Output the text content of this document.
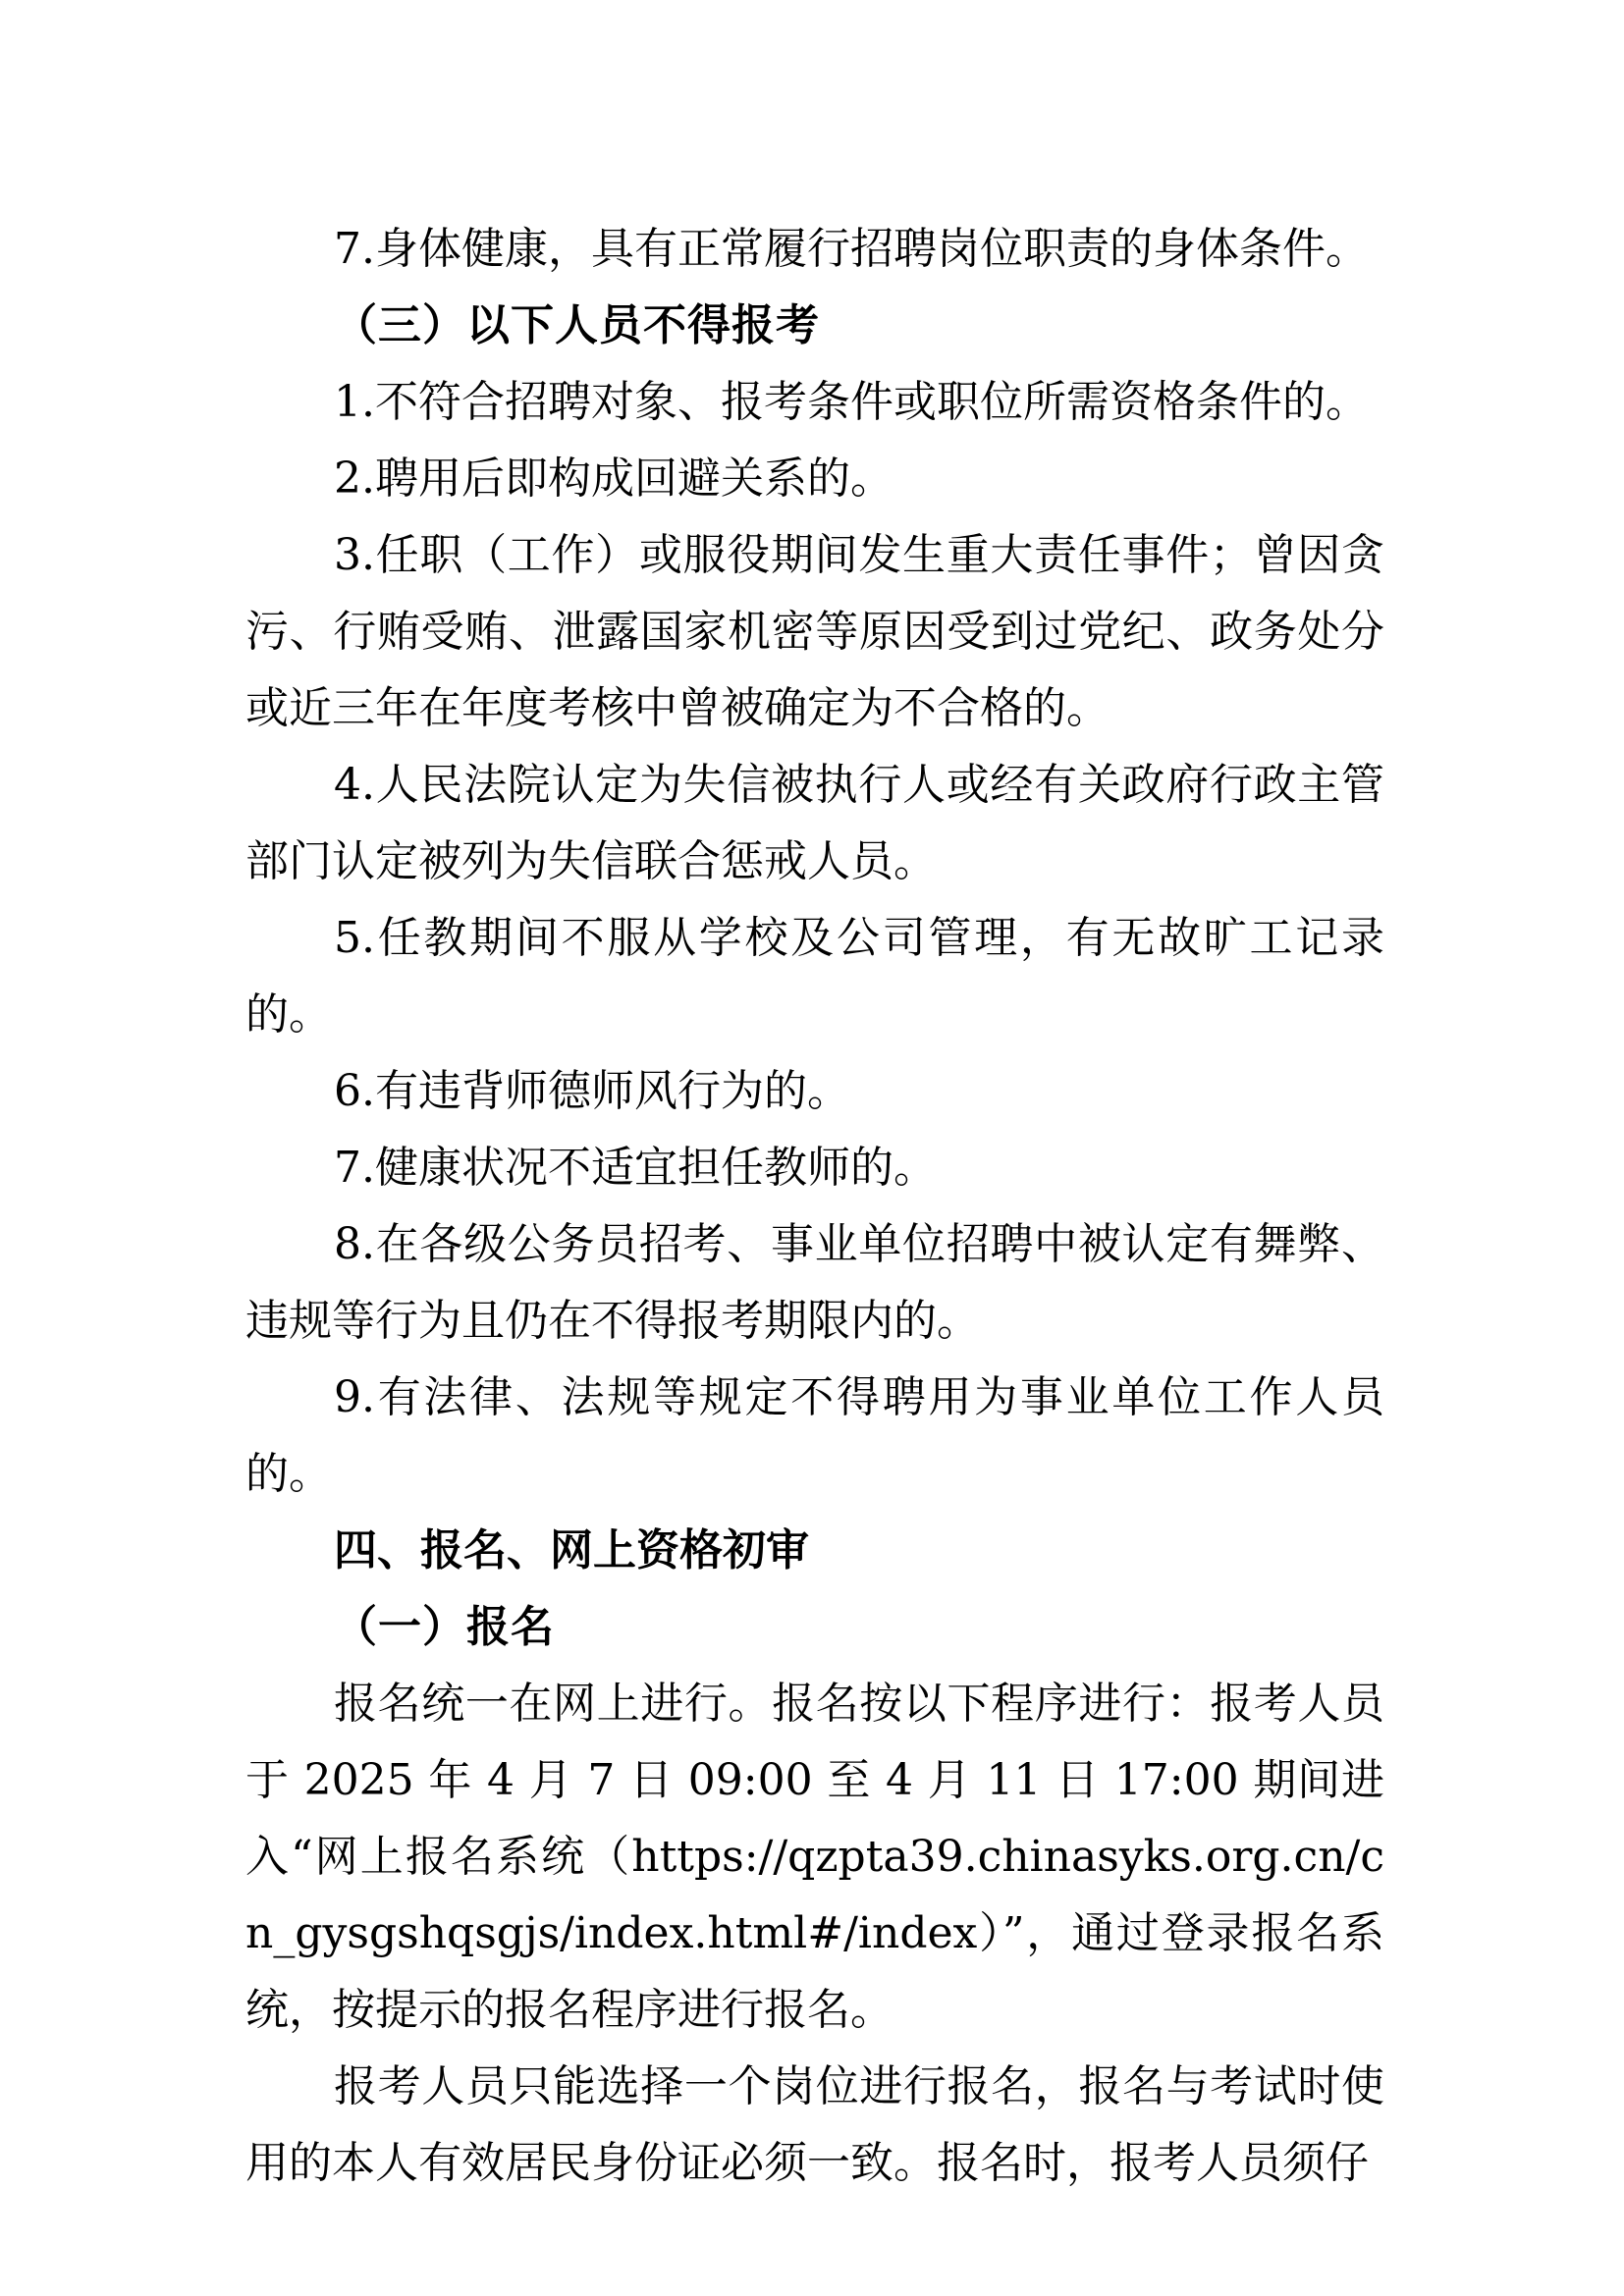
7.身体健康，具有正常履行招聘岗位职责的身体条件。

（三）以下人员不得报考

1.不符合招聘对象、报考条件或职位所需资格条件的。

2.聘用后即构成回避关系的。

3.任职（工作）或服役期间发生重大责任事件；曾因贪污、行贿受贿、泄露国家机密等原因受到过党纪、政务处分或近三年在年度考核中曾被确定为不合格的。

4.人民法院认定为失信被执行人或经有关政府行政主管部门认定被列为失信联合惩戒人员。

5.任教期间不服从学校及公司管理，有无故旷工记录的。

6.有违背师德师风行为的。

7.健康状况不适宜担任教师的。

8.在各级公务员招考、事业单位招聘中被认定有舞弊、违规等行为且仍在不得报考期限内的。

9.有法律、法规等规定不得聘用为事业单位工作人员的。

四、报名、网上资格初审

（一）报名

报名统一在网上进行。报名按以下程序进行：报考人员于 2025 年 4 月 7 日 09:00 至 4 月 11 日 17:00 期间进入“网上报名系统（https://qzpta39.chinasyks.org.cn/cn_gysgshqsgjs/index.html#/index）”，通过登录报名系统，按提示的报名程序进行报名。

报考人员只能选择一个岗位进行报名，报名与考试时使用的本人有效居民身份证必须一致。报名时，报考人员须仔
